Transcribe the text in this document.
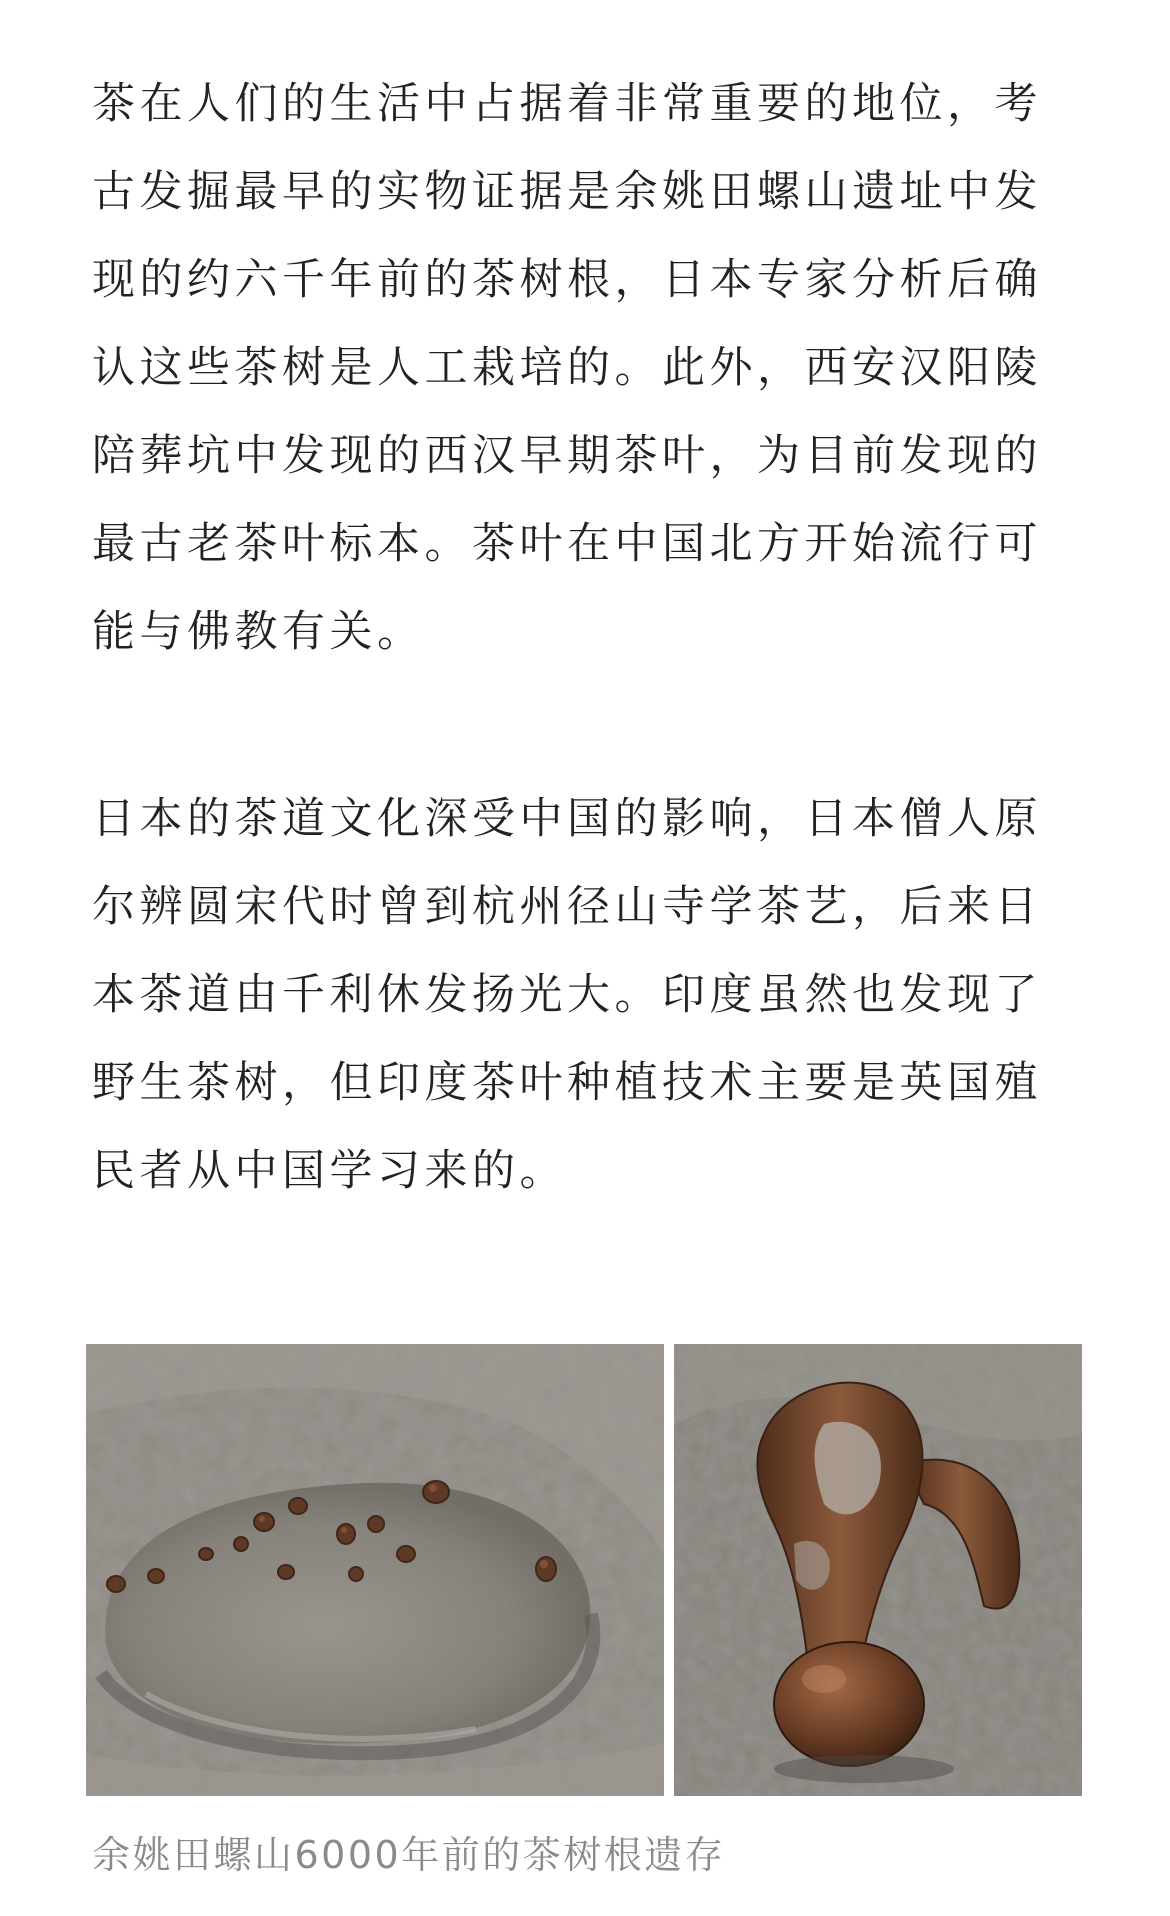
茶在人们的生活中占据着非常重要的地位，考
古发掘最早的实物证据是余姚田螺山遗址中发
现的约六千年前的茶树根，日本专家分析后确
认这些茶树是人工栽培的。此外，西安汉阳陵
陪葬坑中发现的西汉早期茶叶，为目前发现的
最古老茶叶标本。茶叶在中国北方开始流行可
能与佛教有关。

日本的茶道文化深受中国的影响，日本僧人原
尔辨圆宋代时曾到杭州径山寺学茶艺，后来日
本茶道由千利休发扬光大。印度虽然也发现了
野生茶树，但印度茶叶种植技术主要是英国殖
民者从中国学习来的。

余姚田螺山6000年前的茶树根遗存
